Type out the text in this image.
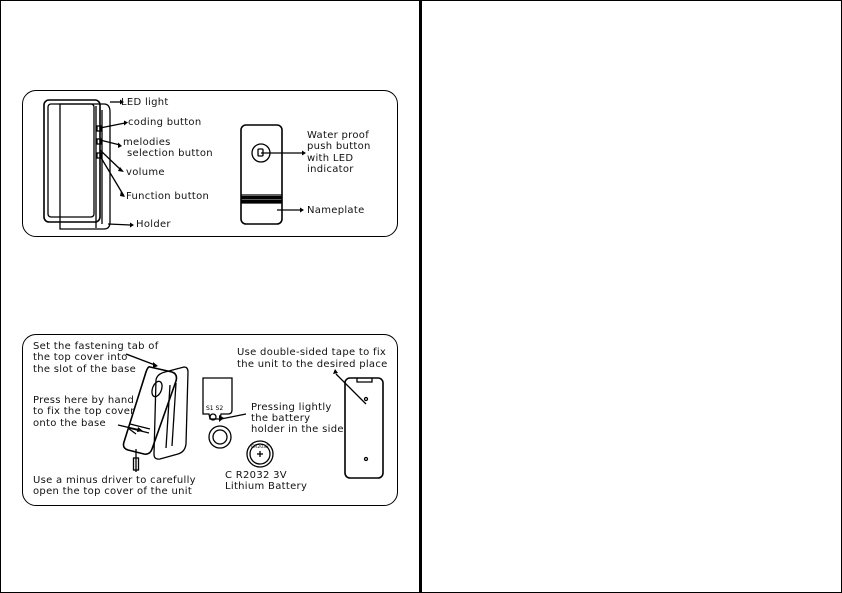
LED light
coding button
melodies
selection button
volume
Function button
Holder
Water proof
push button
with LED
indicator
Nameplate
S1 S2
CR2032
Set the fastening tab of
the top cover into
the slot of the base
Press here by hand
to fix the top cover
onto the base
Use a minus driver to carefully
open the top cover of the unit
Use double-sided tape to fix
the unit to the desired place
Pressing lightly
the battery
holder in the side
C R2032 3V
Lithium Battery
